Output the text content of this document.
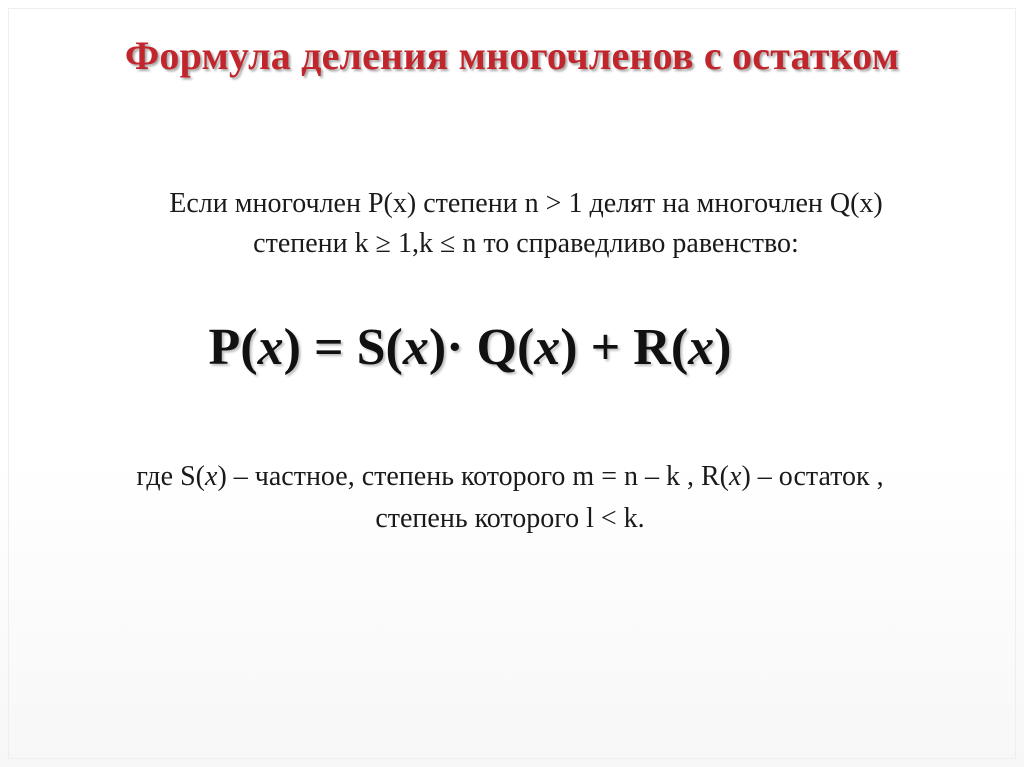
Формула деления многочленов с остатком
Если многочлен P(x) степени n > 1 делят на многочлен Q(x)
степени k ≥ 1,k ≤ n то справедливо равенство:
P(x) = S(x)· Q(x) + R(x)
где S(x) – частное, степень которого m = n – k , R(x) – остаток ,
степень которого l < k.
